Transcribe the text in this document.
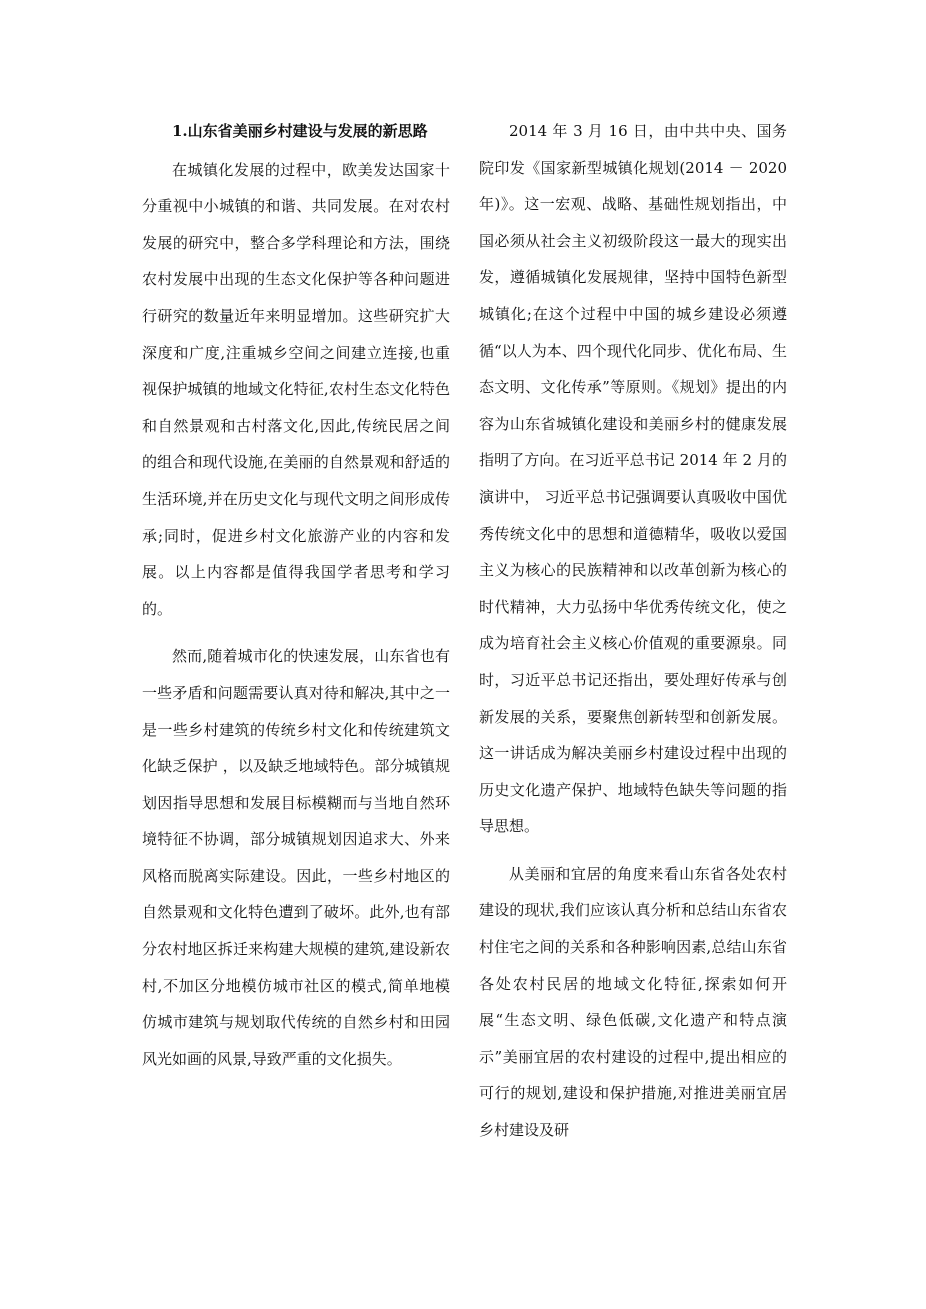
1.山东省美丽乡村建设与发展的新思路

在城镇化发展的过程中，欧美发达国家十分重视中小城镇的和谐、共同发展。在对农村发展的研究中，整合多学科理论和方法，围绕农村发展中出现的生态文化保护等各种问题进行研究的数量近年来明显增加。这些研究扩大深度和广度,注重城乡空间之间建立连接,也重视保护城镇的地域文化特征,农村生态文化特色和自然景观和古村落文化,因此,传统民居之间的组合和现代设施,在美丽的自然景观和舒适的生活环境,并在历史文化与现代文明之间形成传承;同时，促进乡村文化旅游产业的内容和发展。以上内容都是值得我国学者思考和学习的。

然而,随着城市化的快速发展，山东省也有一些矛盾和问题需要认真对待和解决,其中之一是一些乡村建筑的传统乡村文化和传统建筑文化缺乏保护 ，以及缺乏地域特色。部分城镇规划因指导思想和发展目标模糊而与当地自然环境特征不协调，部分城镇规划因追求大、外来风格而脱离实际建设。因此，一些乡村地区的自然景观和文化特色遭到了破坏。此外,也有部分农村地区拆迁来构建大规模的建筑,建设新农村,不加区分地模仿城市社区的模式,简单地模仿城市建筑与规划取代传统的自然乡村和田园风光如画的风景,导致严重的文化损失。

2014 年 3 月 16 日，由中共中央、国务院印发《国家新型城镇化规划(2014 － 2020 年)》。这一宏观、战略、基础性规划指出，中国必须从社会主义初级阶段这一最大的现实出发，遵循城镇化发展规律，坚持中国特色新型城镇化;在这个过程中中国的城乡建设必须遵循“以人为本、四个现代化同步、优化布局、生态文明、文化传承”等原则。《规划》提出的内容为山东省城镇化建设和美丽乡村的健康发展指明了方向。在习近平总书记 2014 年 2 月的演讲中， 习近平总书记强调要认真吸收中国优秀传统文化中的思想和道德精华，吸收以爱国主义为核心的民族精神和以改革创新为核心的时代精神，大力弘扬中华优秀传统文化，使之成为培育社会主义核心价值观的重要源泉。同时，习近平总书记还指出，要处理好传承与创新发展的关系，要聚焦创新转型和创新发展。这一讲话成为解决美丽乡村建设过程中出现的历史文化遗产保护、地域特色缺失等问题的指导思想。

从美丽和宜居的角度来看山东省各处农村建设的现状,我们应该认真分析和总结山东省农村住宅之间的关系和各种影响因素,总结山东省各处农村民居的地域文化特征,探索如何开展“生态文明、绿色低碳,文化遗产和特点演示”美丽宜居的农村建设的过程中,提出相应的可行的规划,建设和保护措施,对推进美丽宜居乡村建设及研
